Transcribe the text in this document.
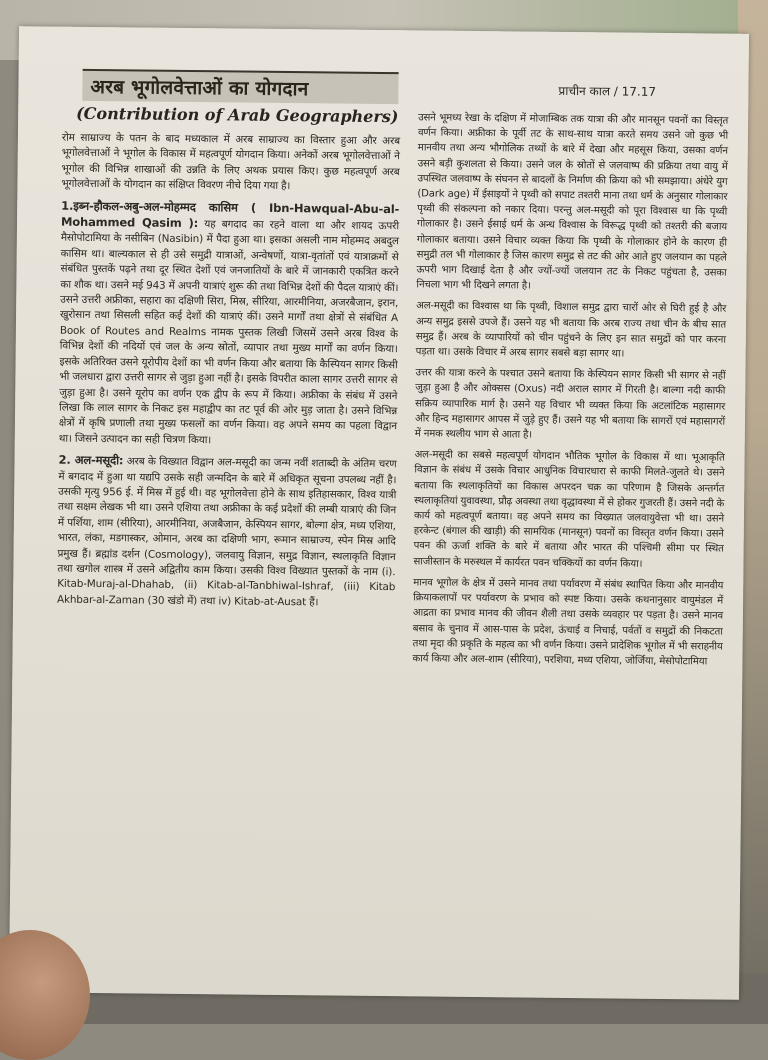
प्राचीन काल / 17.17
अरब भूगोलवेत्ताओं का योगदान
(Contribution of Arab Geographers)

रोम साम्राज्य के पतन के बाद मध्यकाल में अरब साम्राज्य का विस्तार हुआ और अरब भूगोलवेत्ताओं ने भूगोल के विकास में महत्वपूर्ण योगदान किया। अनेकों अरब भूगोलवेत्ताओं ने भूगोल की विभिन्न शाखाओं की उन्नति के लिए अथक प्रयास किए। कुछ महत्वपूर्ण अरब भूगोलवेत्ताओं के योगदान का संक्षिप्त विवरण नीचे दिया गया है।

1.इब्न-हौकल-अबु-अल-मोहम्मद कासिम ( Ibn-Hawqual-Abu-al-Mohammed Qasim ): यह बगदाद का रहने वाला था और शायद ऊपरी मैसोपोटामिया के नसीबिन (Nasibin) में पैदा हुआ था। इसका असली नाम मोहम्मद अबदुल कासिम था। बाल्यकाल से ही उसे समुद्री यात्राओं, अन्वेषणों, यात्रा-वृतांतों एवं यात्राक्रमों से संबंधित पुस्तकें पढ़ने तथा दूर स्थित देशों एवं जनजातियों के बारे में जानकारी एकत्रित करने का शौक था। उसने मई 943 में अपनी यात्राएं शुरू की तथा विभिन्न देशों की पैदल यात्राएं कीं। उसने उत्तरी अफ्रीका, सहारा का दक्षिणी सिरा, मिस्र, सीरिया, आरमीनिया, अजरबैजान, इरान, खुरोसान तथा सिसली सहित कई देशों की यात्राएं कीं। उसने मार्गों तथा क्षेत्रों से संबंधित A Book of Routes and Realms नामक पुस्तक लिखी जिसमें उसने अरब विश्व के विभिन्न देशों की नदियों एवं जल के अन्य स्रोतों, व्यापार तथा मुख्य मार्गों का वर्णन किया। इसके अतिरिक्त उसने यूरोपीय देशों का भी वर्णन किया और बताया कि कैस्पियन सागर किसी भी जलधारा द्वारा उत्तरी सागर से जुड़ा हुआ नहीं है। इसके विपरीत काला सागर उत्तरी सागर से जुड़ा हुआ है। उसने यूरोप का वर्णन एक द्वीप के रूप में किया। अफ्रीका के संबंध में उसने लिखा कि लाल सागर के निकट इस महाद्वीप का तट पूर्व की ओर मुड़ जाता है। उसने विभिन्न क्षेत्रों में कृषि प्रणाली तथा मुख्य फसलों का वर्णन किया। वह अपने समय का पहला विद्वान था। जिसने उत्पादन का सही चित्रण किया।

2. अल-मसूदी: अरब के विख्यात विद्वान अल-मसूदी का जन्म नवीं शताब्दी के अंतिम चरण में बगदाद में हुआ था यद्यपि उसके सही जन्मदिन के बारे में अधिकृत सूचना उपलब्ध नहीं है। उसकी मृत्यु 956 ई. में मिस्र में हुई थी। वह भूगोलवेत्ता होने के साथ इतिहासकार, विश्व यात्री तथा सक्षम लेखक भी था। उसने एशिया तथा अफ्रीका के कई प्रदेशों की लम्बी यात्राएं की जिन में पर्शिया, शाम (सीरिया), आरमीनिया, अजबैजान, केस्पियन सागर, बोल्गा क्षेत्र, मध्य एशिया, भारत, लंका, मडगास्कर, ओमान, अरब का दक्षिणी भाग, रूमान साम्राज्य, स्पेन मिस्र आदि प्रमुख हैं। ब्रह्मांड दर्शन (Cosmology), जलवायु विज्ञान, समुद्र विज्ञान, स्थलाकृति विज्ञान तथा खगोल शास्त्र में उसने अद्वितीय काम किया। उसकी विश्व विख्यात पुस्तकों के नाम (i). Kitab-Muraj-al-Dhahab, (ii) Kitab-al-Tanbhiwal-Ishraf, (iii) Kitab Akhbar-al-Zaman (30 खंडो में) तथा iv) Kitab-at-Ausat हैं।

उसने भूमध्य रेखा के दक्षिण में मोजाम्बिक तक यात्रा की और मानसून पवनों का विस्तृत वर्णन किया। अफ्रीका के पूर्वी तट के साथ-साथ यात्रा करते समय उसने जो कुछ भी मानवीय तथा अन्य भौगोलिक तथ्यों के बारे में देखा और महसूस किया, उसका वर्णन उसने बड़ी कुशलता से किया। उसने जल के स्रोतों से जलवाष्प की प्रक्रिया तथा वायु में उपस्थित जलवाष्प के संघनन से बादलों के निर्माण की क्रिया को भी समझाया। अंधेरे युग (Dark age) में ईसाइयों ने पृथ्वी को सपाट तश्तरी माना तथा धर्म के अनुसार गोलाकार पृथ्वी की संकल्पना को नकार दिया। परन्तु अल-मसूदी को पूरा विश्वास था कि पृथ्वी गोलाकार है। उसने ईसाई धर्म के अन्ध विश्वास के विरूद्ध पृथ्वी को तश्तरी की बजाय गोलाकार बताया। उसने विचार व्यक्त किया कि पृथ्वी के गोलाकार होने के कारण ही समुद्री तल भी गोलाकार है जिस कारण समुद्र से तट की ओर आते हुए जलयान का पहले ऊपरी भाग दिखाई देता है और ज्यों-ज्यों जलयान तट के निकट पहुंचता है, उसका निचला भाग भी दिखने लगता है।

अल-मसूदी का विश्वास था कि पृथ्वी, विशाल समुद्र द्वारा चारों ओर से घिरी हुई है और अन्य समुद्र इससे उपजे हैं। उसने यह भी बताया कि अरब राज्य तथा चीन के बीच सात समुद्र हैं। अरब के व्यापारियों को चीन पहुंचने के लिए इन सात समुद्रों को पार करना पड़ता था। उसके विचार में अरब सागर सबसे बड़ा सागर था।

उत्तर की यात्रा करने के पश्चात उसने बताया कि केस्पियन सागर किसी भी सागर से नहीं जुड़ा हुआ है और ओक्सस (Oxus) नदी अराल सागर में गिरती है। बाल्गा नदी काफी सक्रिय व्यापारिक मार्ग है। उसने यह विचार भी व्यक्त किया कि अटलांटिक महासागर और हिन्द महासागर आपस में जुड़े हुए हैं। उसने यह भी बताया कि सागरों एवं महासागरों में नमक स्थलीय भाग से आता है।

अल-मसूदी का सबसे महत्वपूर्ण योगदान भौतिक भूगोल के विकास में था। भूआकृति विज्ञान के संबंध में उसके विचार आधुनिक विचारधारा से काफी मिलते-जुलते थे। उसने बताया कि स्थलाकृतियों का विकास अपरदन चक्र का परिणाम है जिसके अन्तर्गत स्थलाकृतियां युवावस्था, प्रौढ़ अवस्था तथा वृद्धावस्था में से होकर गुजरती हैं। उसने नदी के कार्य को महत्वपूर्ण बताया। वह अपने समय का विख्यात जलवायुवेत्ता भी था। उसने हरकेन्ट (बंगाल की खाड़ी) की सामयिक (मानसून) पवनों का विस्तृत वर्णन किया। उसने पवन की ऊर्जा शक्ति के बारे में बताया और भारत की पश्चिमी सीमा पर स्थित साजीस्तान के मरुस्थल में कार्यरत पवन चक्कियों का वर्णन किया।

मानव भूगोल के क्षेत्र में उसने मानव तथा पर्यावरण में संबंध स्थापित किया और मानवीय क्रियाकलापों पर पर्यावरण के प्रभाव को स्पष्ट किया। उसके कथनानुसार वायुमंडल में आद्रता का प्रभाव मानव की जीवन शैली तथा उसके व्यवहार पर पड़ता है। उसने मानव बसाव के चुनाव में आस-पास के प्रदेश, ऊंचाई व निचाई, पर्वतों व समुद्रों की निकटता तथा मृदा की प्रकृति के महत्व का भी वर्णन किया। उसने प्रादेशिक भूगोल में भी सराहनीय कार्य किया और अल-शाम (सीरिया), परशिया, मध्य एशिया, जोर्जिया, मेसोपोटामिया
